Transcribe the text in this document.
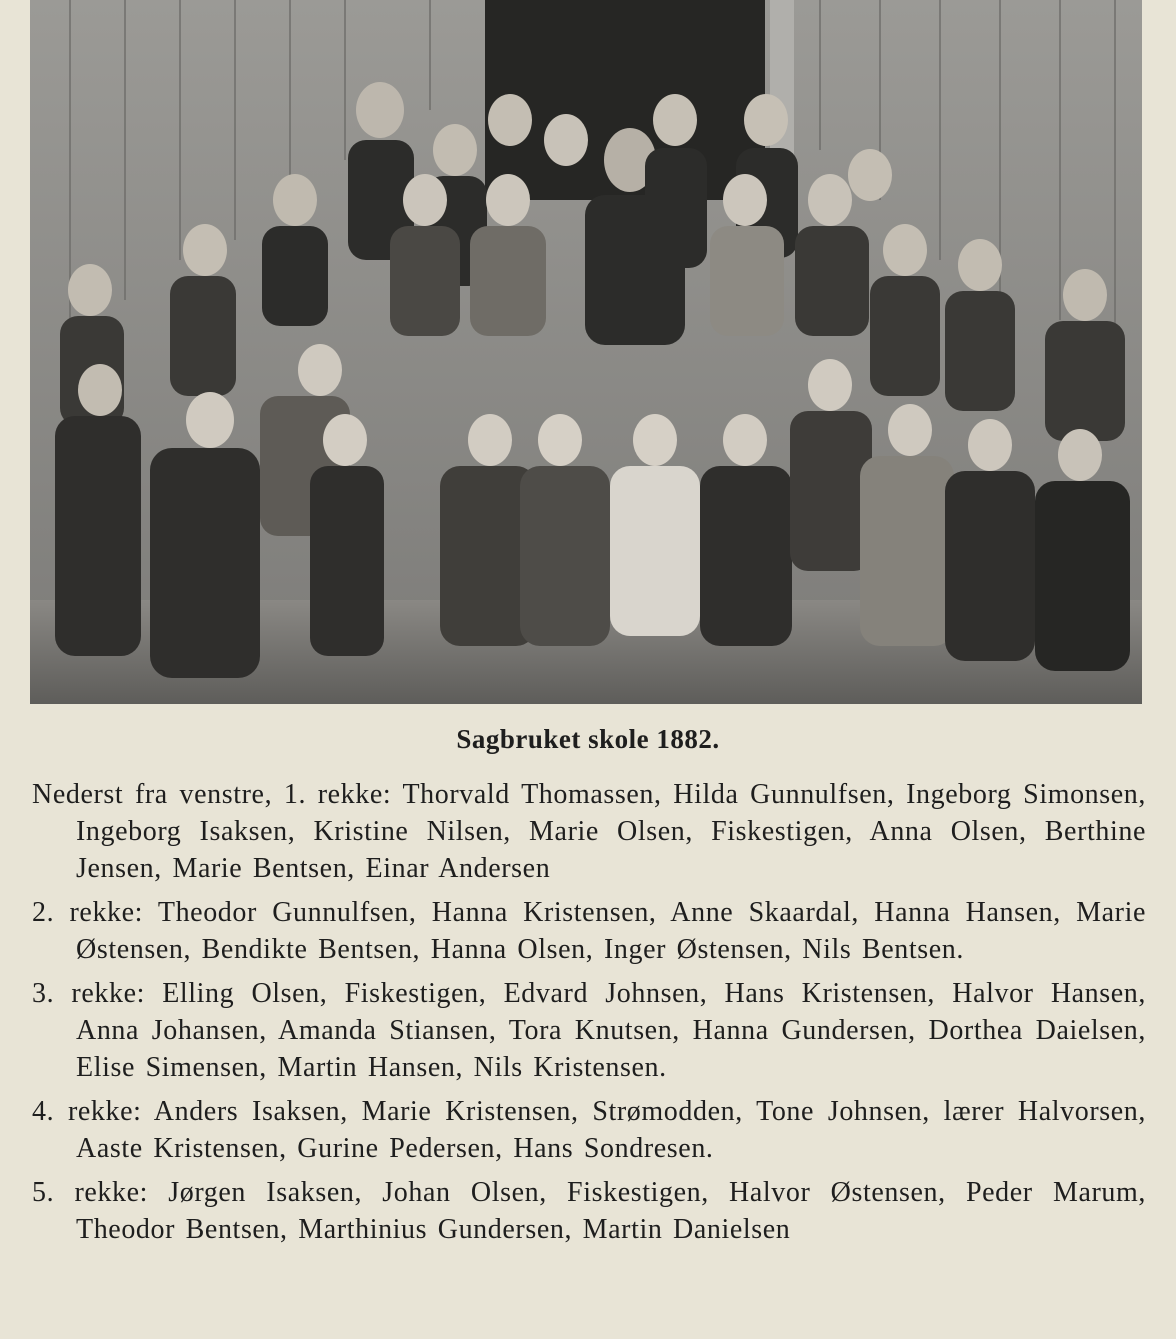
Sagbruket skole 1882.

Nederst fra venstre, 1. rekke: Thorvald Thomassen, Hilda Gunnulfsen, Ingeborg Simonsen, Ingeborg Isaksen, Kristine Nilsen, Marie Olsen, Fiskestigen, Anna Olsen, Berthine Jensen, Marie Bentsen, Einar Andersen

2. rekke: Theodor Gunnulfsen, Hanna Kristensen, Anne Skaardal, Hanna Hansen, Marie Østensen, Bendikte Bentsen, Hanna Olsen, Inger Østensen, Nils Bentsen.

3. rekke: Elling Olsen, Fiskestigen, Edvard Johnsen, Hans Kristensen, Halvor Hansen, Anna Johansen, Amanda Stiansen, Tora Knutsen, Hanna Gundersen, Dorthea Daielsen, Elise Simensen, Martin Hansen, Nils Kristensen.

4. rekke: Anders Isaksen, Marie Kristensen, Strømodden, Tone Johnsen, lærer Halvorsen, Aaste Kristensen, Gurine Pedersen, Hans Sondresen.

5. rekke: Jørgen Isaksen, Johan Olsen, Fiskestigen, Halvor Østensen, Peder Marum, Theodor Bentsen, Marthinius Gundersen, Martin Danielsen
